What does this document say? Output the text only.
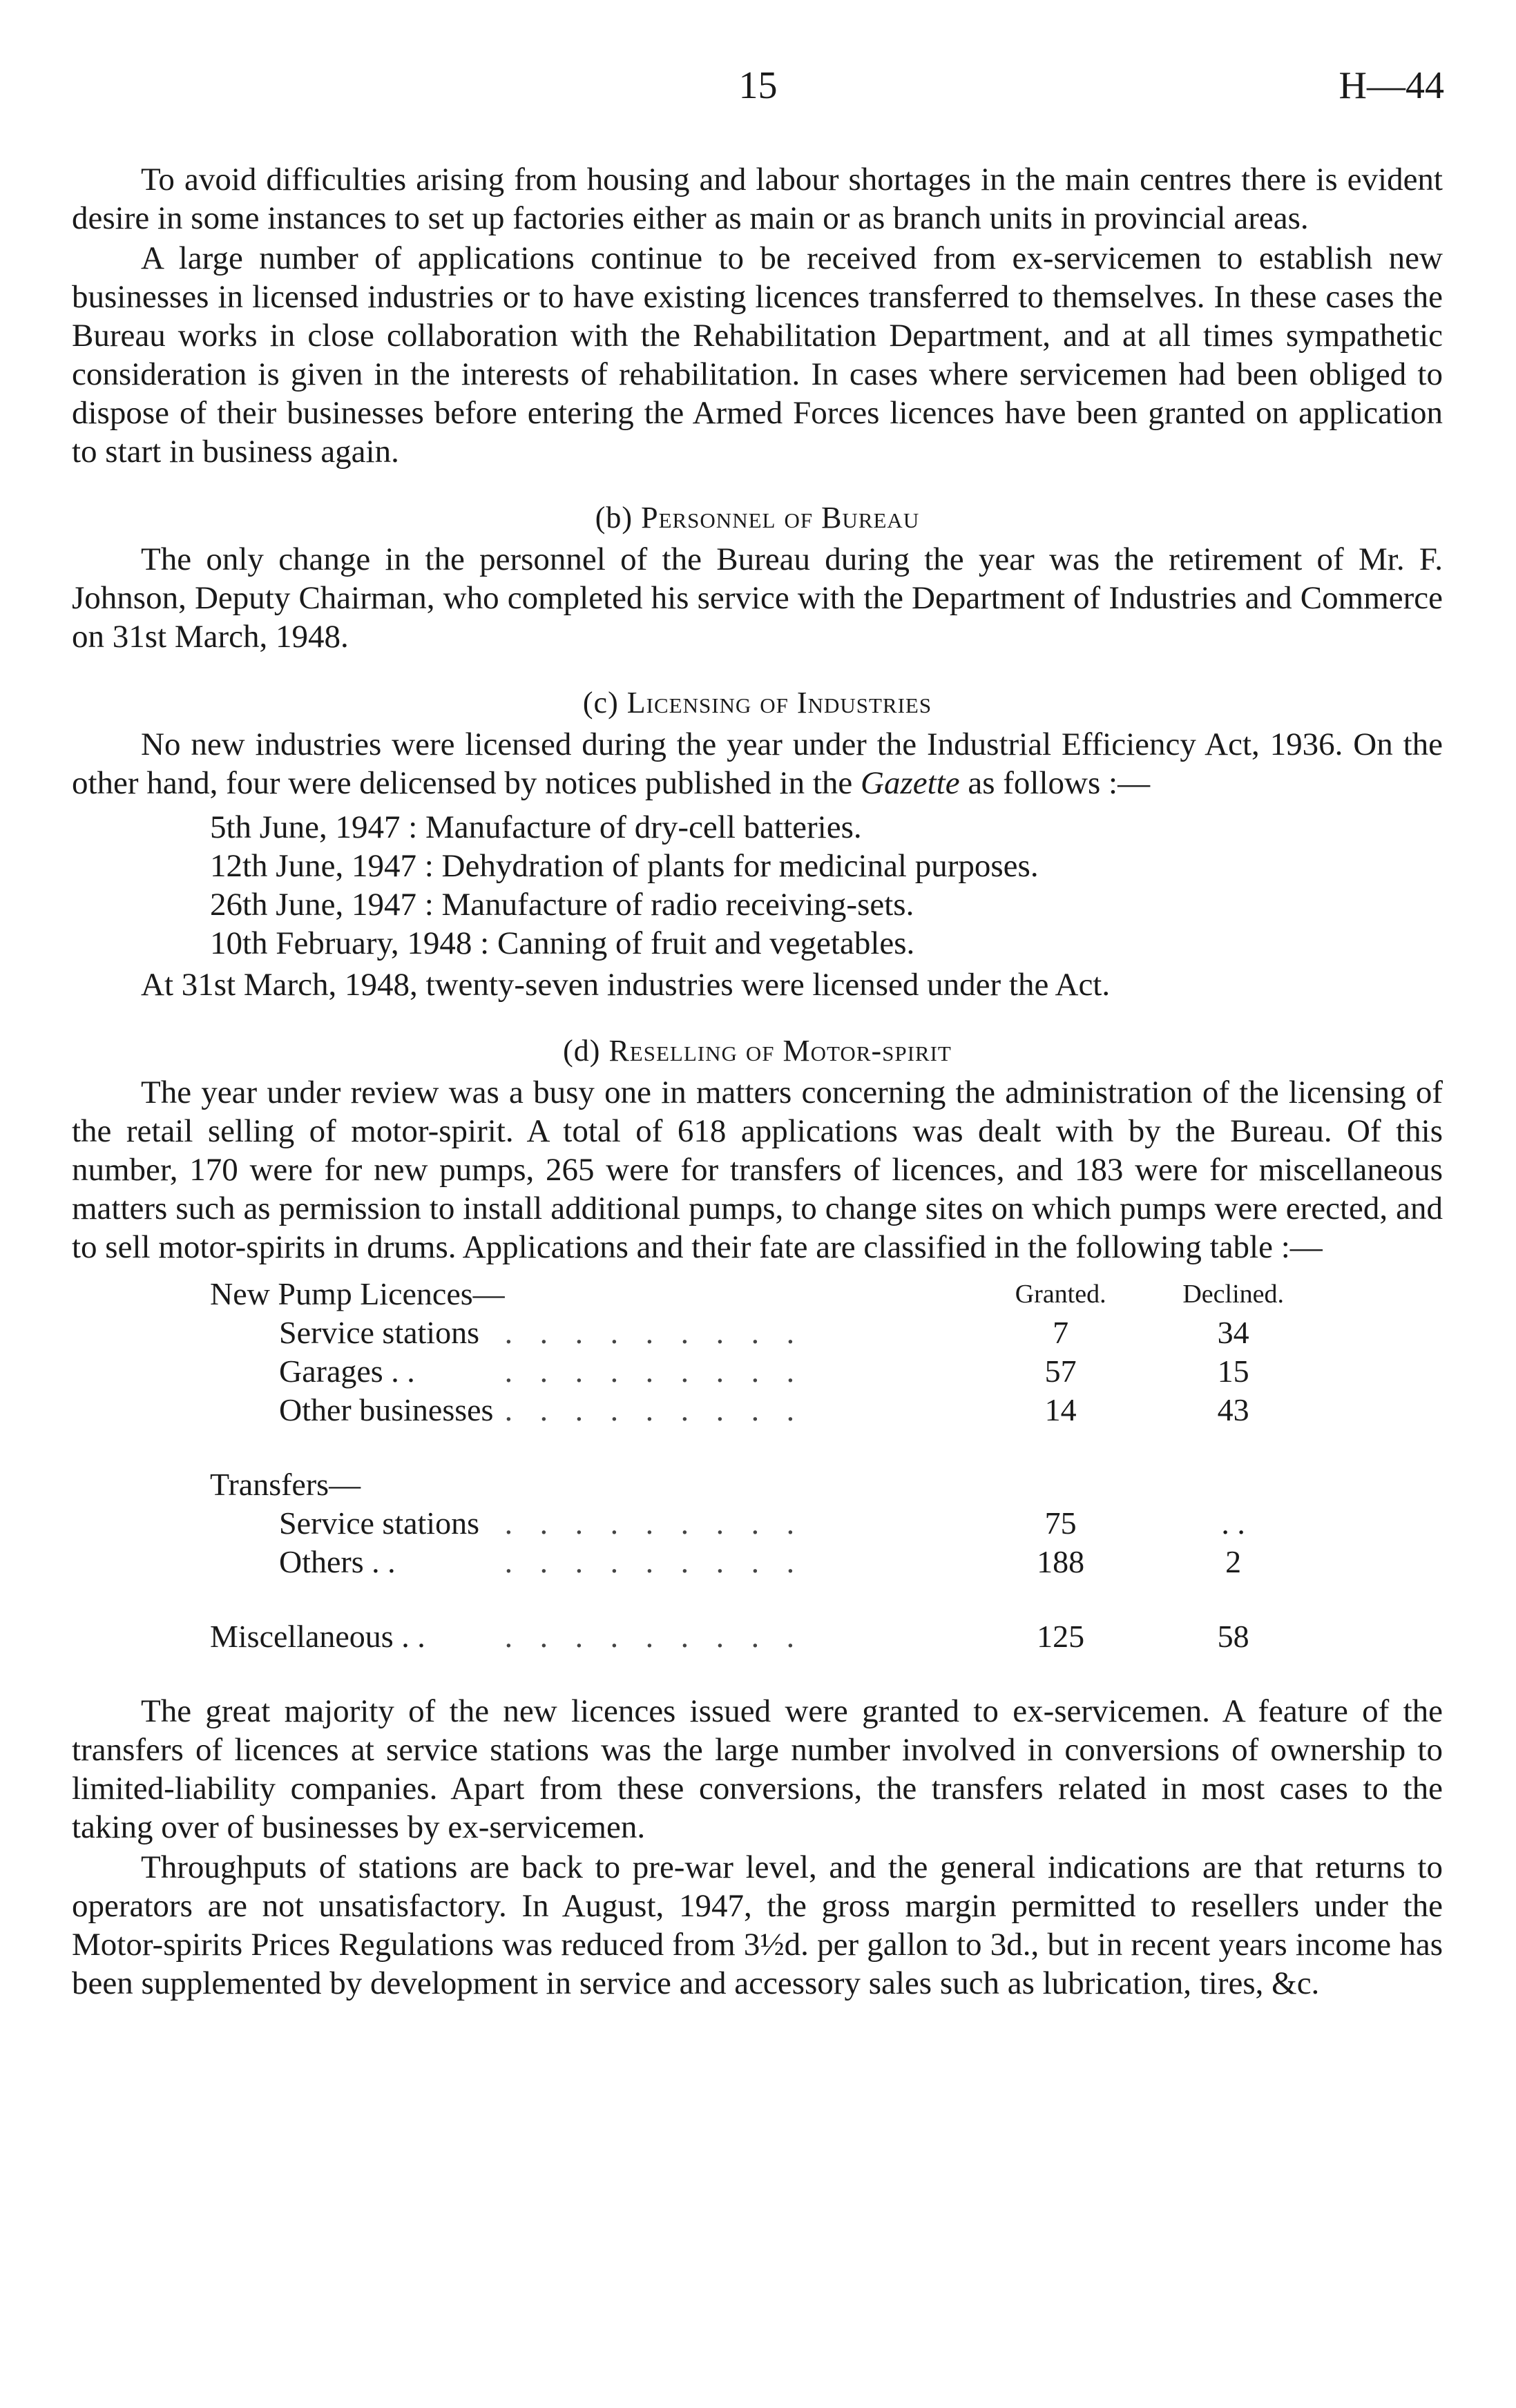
15	H—44

To avoid difficulties arising from housing and labour shortages in the main centres there is evident desire in some instances to set up factories either as main or as branch units in provincial areas.

A large number of applications continue to be received from ex-servicemen to establish new businesses in licensed industries or to have existing licences transferred to themselves. In these cases the Bureau works in close collaboration with the Rehabilitation Department, and at all times sympathetic consideration is given in the interests of rehabilitation. In cases where servicemen had been obliged to dispose of their businesses before entering the Armed Forces licences have been granted on application to start in business again.

(b) Personnel of Bureau

The only change in the personnel of the Bureau during the year was the retirement of Mr. F. Johnson, Deputy Chairman, who completed his service with the Department of Industries and Commerce on 31st March, 1948.

(c) Licensing of Industries

No new industries were licensed during the year under the Industrial Efficiency Act, 1936. On the other hand, four were delicensed by notices published in the Gazette as follows :—

5th June, 1947 : Manufacture of dry-cell batteries.
12th June, 1947 : Dehydration of plants for medicinal purposes.
26th June, 1947 : Manufacture of radio receiving-sets.
10th February, 1948 : Canning of fruit and vegetables.

At 31st March, 1948, twenty-seven industries were licensed under the Act.

(d) Reselling of Motor-spirit

The year under review was a busy one in matters concerning the administration of the licensing of the retail selling of motor-spirit. A total of 618 applications was dealt with by the Bureau. Of this number, 170 were for new pumps, 265 were for transfers of licences, and 183 were for miscellaneous matters such as permission to install additional pumps, to change sites on which pumps were erected, and to sell motor-spirits in drums. Applications and their fate are classified in the following table :—

New Pump Licences—		Granted.	Declined.
Service stations	. . . . . . . . .	7	34
Garages . .	. . . . . . . . .	57	15
Other businesses	. . . . . . . . .	14	43

Transfers—			
Service stations	. . . . . . . . .	75	. .
Others . .	. . . . . . . . .	188	2

Miscellaneous . .	. . . . . . . . .	125	58

The great majority of the new licences issued were granted to ex-servicemen. A feature of the transfers of licences at service stations was the large number involved in conversions of ownership to limited-liability companies. Apart from these conversions, the transfers related in most cases to the taking over of businesses by ex-servicemen.

Throughputs of stations are back to pre-war level, and the general indications are that returns to operators are not unsatisfactory. In August, 1947, the gross margin permitted to resellers under the Motor-spirits Prices Regulations was reduced from 3½d. per gallon to 3d., but in recent years income has been supplemented by development in service and accessory sales such as lubrication, tires, &c.
